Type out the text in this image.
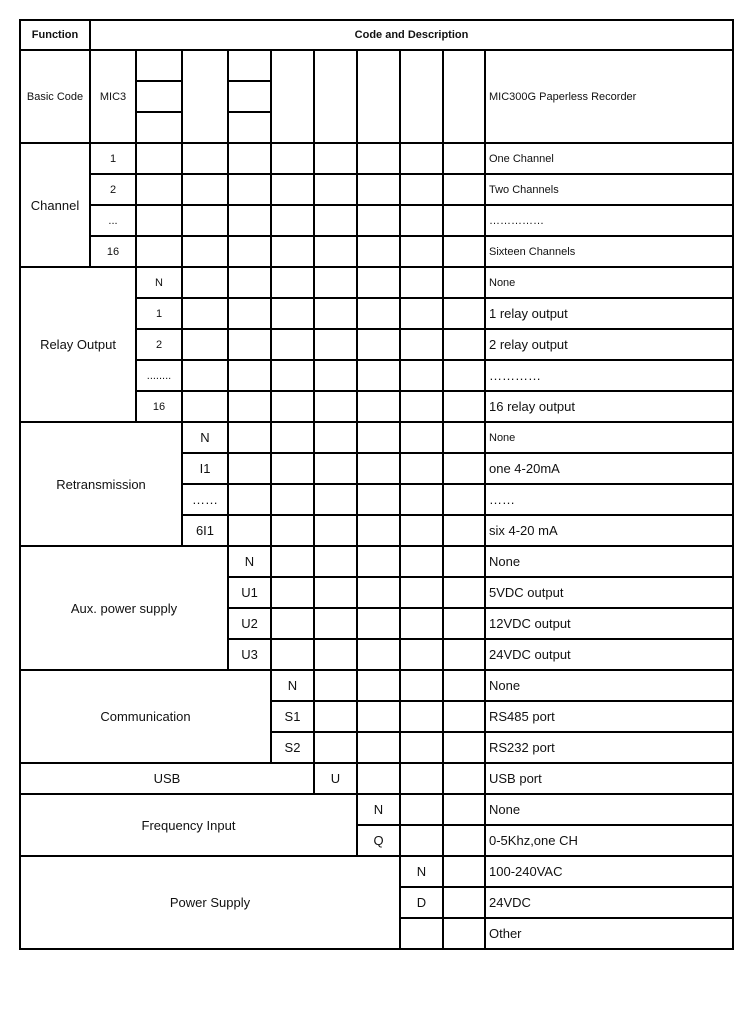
Function	Code and Description									
Basic Code	MIC3									MIC300G Paperless Recorder

Channel	1									One Channel
	2									Two Channels
	...									……………
	16									Sixteen Channels
Relay Output		N								None
		1								1 relay output
		2								2 relay output
		........								…………
		16								16 relay output
Retransmission			N							None
			I1							one 4-20mA
			……							……
			6I1							six 4-20 mA
Aux. power supply				N						None
				U1						5VDC output
				U2						12VDC output
				U3						24VDC output
Communication					N					None
					S1					RS485 port
					S2					RS232 port
USB						U				USB port
Frequency Input							N			None
							Q			0-5Khz,one CH
Power Supply								N		100-240VAC
								D		24VDC
										Other
